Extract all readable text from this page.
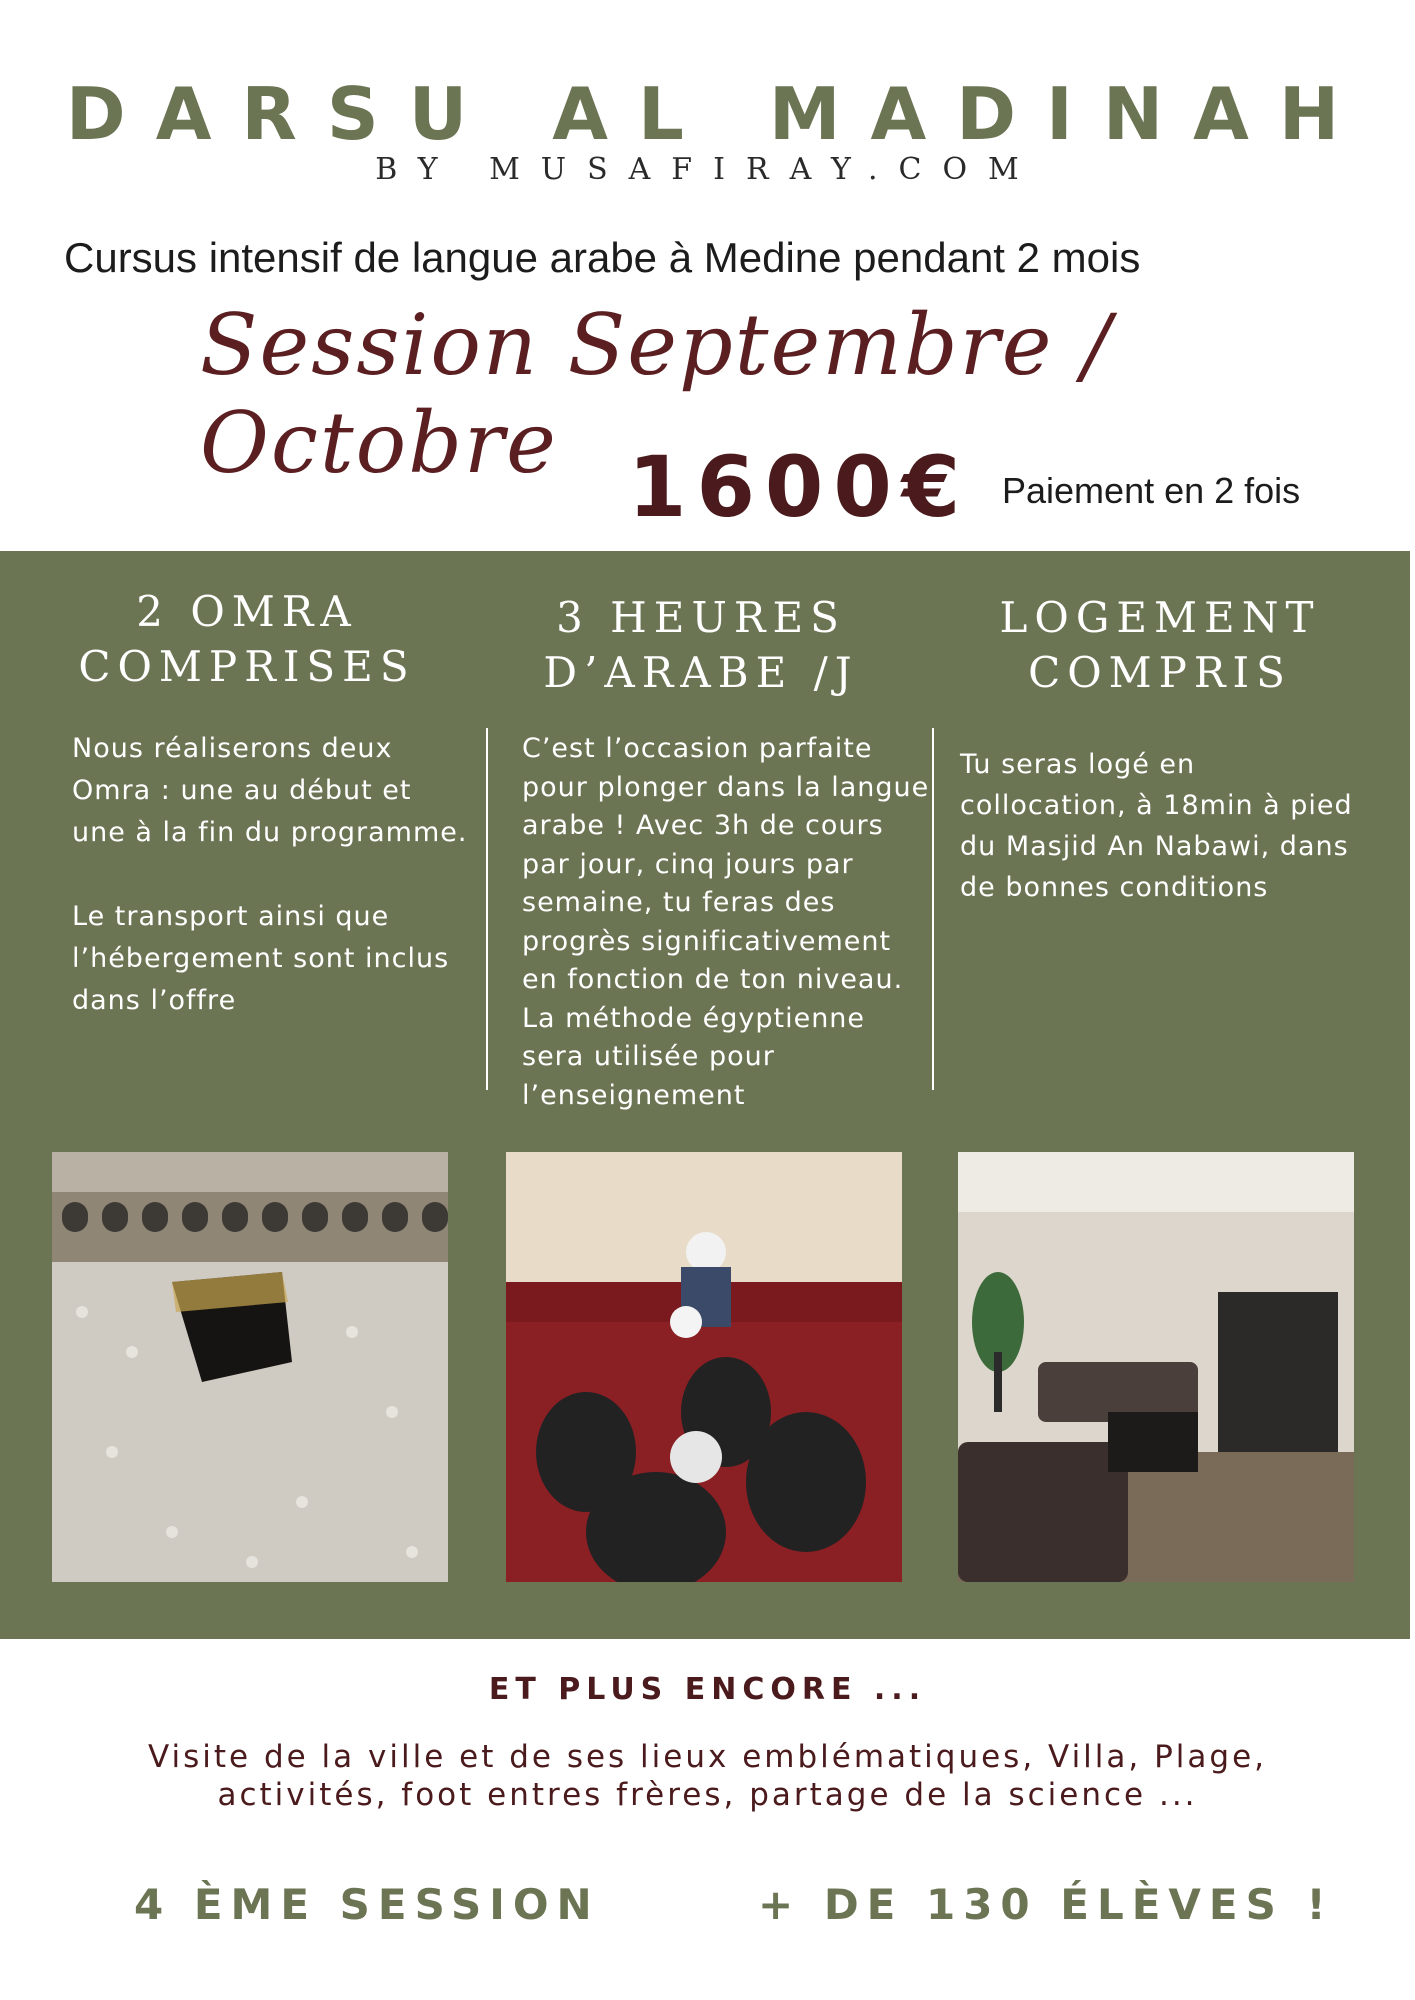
DARSU AL MADINAH
BY MUSAFIRAY.COM
Cursus intensif de langue arabe à Medine pendant 2 mois
Session Septembre / Octobre 1600€ Paiement en 2 fois
2 OMRA
COMPRISES
Nous réaliserons deux Omra : une au début et une à la fin du programme.
Le transport ainsi que l’hébergement sont inclus dans l’offre
3 HEURES
D’ARABE /J
C’est l’occasion parfaite pour plonger dans la langue arabe ! Avec 3h de cours par jour, cinq jours par semaine, tu feras des progrès significativement en fonction de ton niveau. La méthode égyptienne sera utilisée pour l’enseignement
LOGEMENT
COMPRIS
Tu seras logé en collocation, à 18min à pied du Masjid An Nabawi, dans de bonnes conditions
ET PLUS ENCORE ...
Visite de la ville et de ses lieux emblématiques, Villa, Plage,
activités, foot entres frères, partage de la science ...
4 ÈME SESSION	+ DE 130 ÉLÈVES !
